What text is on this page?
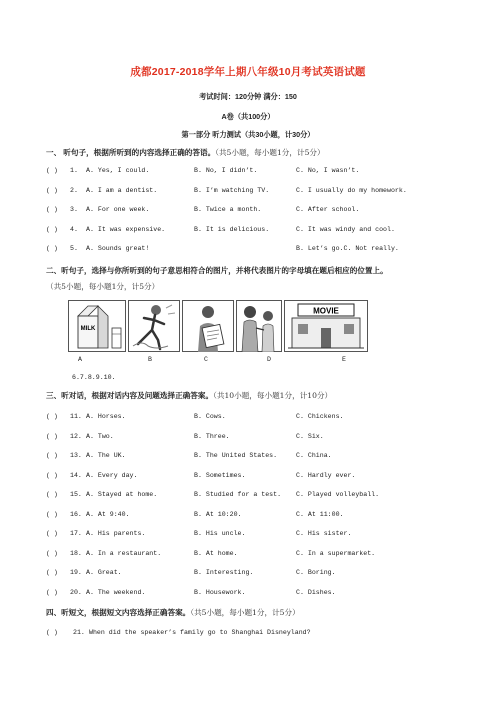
成都2017-2018学年上期八年级10月考试英语试题
考试时间：120分钟 满分：150
A卷（共100分）
第一部分 听力测试（共30小题，计30分）
一、 听句子，根据所听到的内容选择正确的答语。（共5小题，每小题1分，计5分）
( ) 1. A. Yes, I could.	B. No, I didn’t.	C. No, I wasn’t.
( ) 2. A. I am a dentist.	B. I’m watching TV.	C. I usually do my homework.
( ) 3. A. For one week.	B. Twice a month.	C. After school.
( ) 4. A. It was expensive.	B. It is delicious.	C. It was windy and cool.
( ) 5. A. Sounds great!	B. Let’s go.C. Not really.
二、听句子，选择与你所听到的句子意思相符合的图片，并将代表图片的字母填在题后相应的位置上。
（共5小题，每小题1分，计5分）
MILK
MOVIE
A	B	C	D	E
6.7.8.9.10.
三、听对话，根据对话内容及问题选择正确答案。（共10小题，每小题1分，计10分）
( ) 11. A. Horses.	B. Cows.	C. Chickens.
( ) 12. A. Two.	B. Three.	C. Six.
( ) 13. A. The UK.	B. The United States.	C. China.
( ) 14. A. Every day.	B. Sometimes.	C. Hardly ever.
( ) 15. A. Stayed at home.	B. Studied for a test. C. Played volleyball.
( ) 16. A. At 9:40.	B. At 10:20.	C. At 11:00.
( ) 17. A. His parents.	B. His uncle.	C. His sister.
( ) 18. A. In a restaurant.	B. At home.	C. In a supermarket.
( ) 19. A. Great.	B. Interesting.	C. Boring.
( ) 20. A. The weekend.	B. Housework.	C. Dishes.
四、听短文，根据短文内容选择正确答案。（共5小题，每小题1分，计5分）
( ) 21. When did the speaker’s family go to Shanghai Disneyland?
